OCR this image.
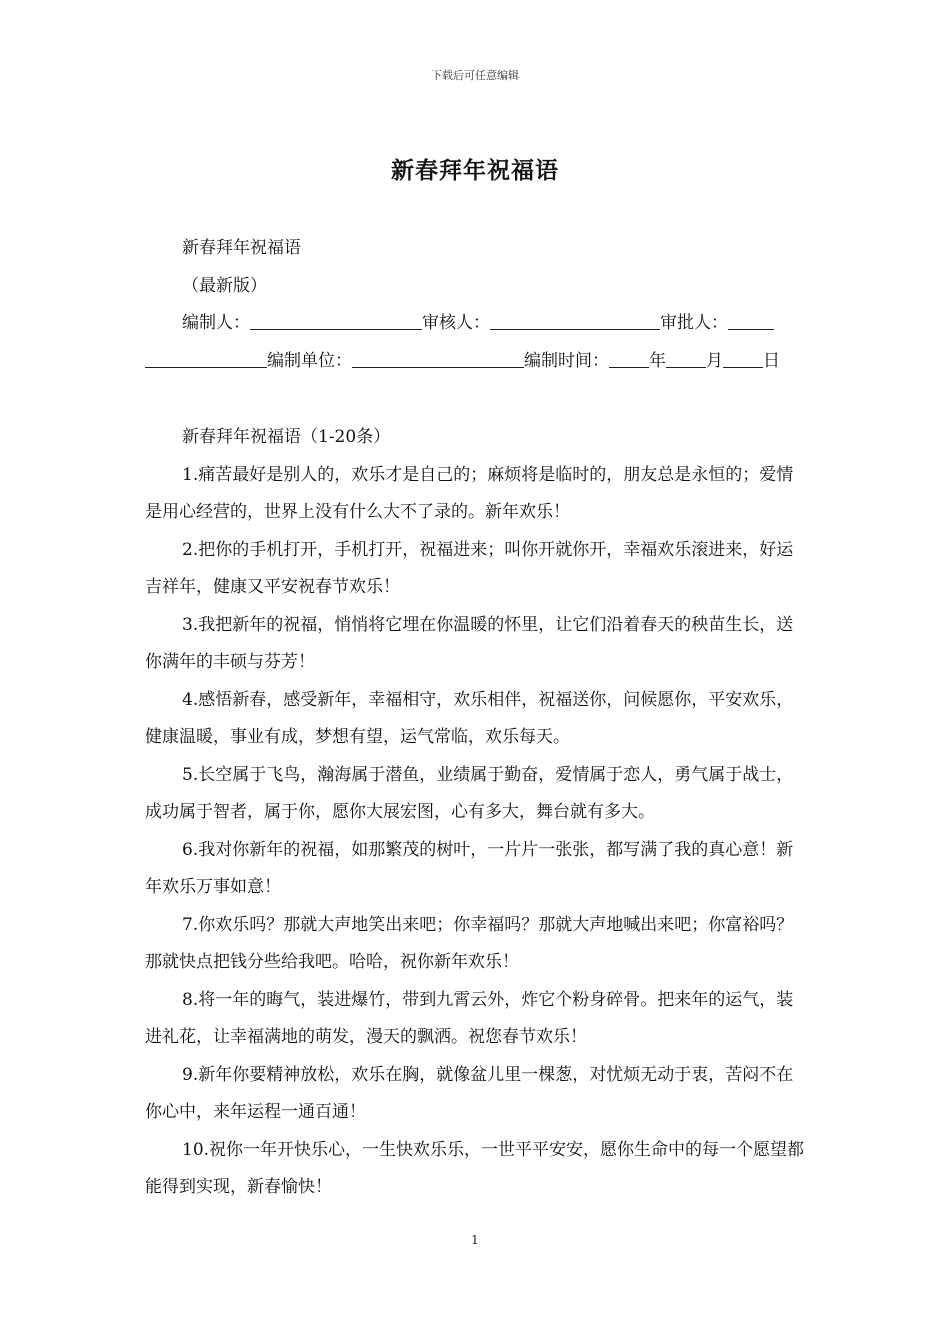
下载后可任意编辑
新春拜年祝福语
新春拜年祝福语
（最新版）
编制人：	审核人：	审批人：
编制单位：	编制时间： 年 月 日
新春拜年祝福语（1-20条）
1.痛苦最好是别人的，欢乐才是自己的；麻烦将是临时的，朋友总是永恒的；爱情是用心经营的，世界上没有什么大不了录的。新年欢乐！
2.把你的手机打开，手机打开，祝福进来；叫你开就你开，幸福欢乐滚进来，好运吉祥年，健康又平安祝春节欢乐！
3.我把新年的祝福，悄悄将它埋在你温暖的怀里，让它们沿着春天的秧苗生长，送你满年的丰硕与芬芳！
4.感悟新春，感受新年，幸福相守，欢乐相伴，祝福送你，问候愿你，平安欢乐，健康温暖，事业有成，梦想有望，运气常临，欢乐每天。
5.长空属于飞鸟，瀚海属于潜鱼，业绩属于勤奋，爱情属于恋人，勇气属于战士，成功属于智者，属于你，愿你大展宏图，心有多大，舞台就有多大。
6.我对你新年的祝福，如那繁茂的树叶，一片片一张张，都写满了我的真心意！新年欢乐万事如意！
7.你欢乐吗？那就大声地笑出来吧；你幸福吗？那就大声地喊出来吧；你富裕吗？那就快点把钱分些给我吧。哈哈，祝你新年欢乐！
8.将一年的晦气，装进爆竹，带到九霄云外，炸它个粉身碎骨。把来年的运气，装进礼花，让幸福满地的萌发，漫天的飘洒。祝您春节欢乐！
9.新年你要精神放松，欢乐在胸，就像盆儿里一棵葱，对忧烦无动于衷，苦闷不在你心中，来年运程一通百通！
10.祝你一年开快乐心，一生快欢乐乐，一世平平安安，愿你生命中的每一个愿望都能得到实现，新春愉快！
1
